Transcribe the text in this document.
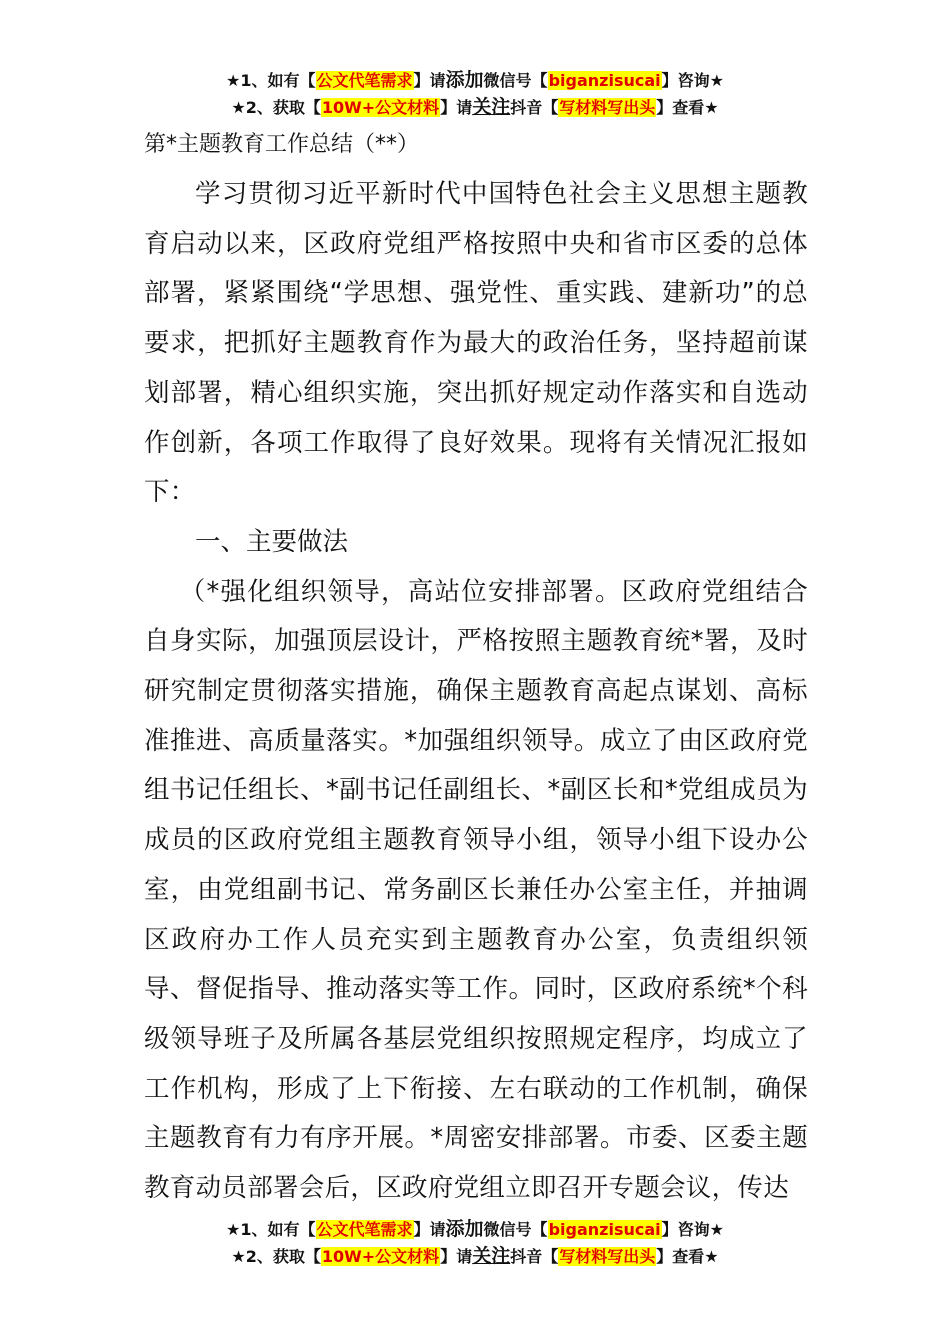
★1、如有【公文代笔需求】请添加微信号【biganzisucai】咨询★
★2、获取【10W+公文材料】请关注抖音【写材料写出头】查看★
第*主题教育工作总结（**）

学习贯彻习近平新时代中国特色社会主义思想主题教育启动以来，区政府党组严格按照中央和省市区委的总体部署，紧紧围绕“学思想、强党性、重实践、建新功”的总要求，把抓好主题教育作为最大的政治任务，坚持超前谋划部署，精心组织实施，突出抓好规定动作落实和自选动作创新，各项工作取得了良好效果。现将有关情况汇报如下：

一、主要做法

（*强化组织领导，高站位安排部署。区政府党组结合自身实际，加强顶层设计，严格按照主题教育统*署，及时研究制定贯彻落实措施，确保主题教育高起点谋划、高标准推进、高质量落实。*加强组织领导。成立了由区政府党组书记任组长、*副书记任副组长、*副区长和*党组成员为成员的区政府党组主题教育领导小组，领导小组下设办公室，由党组副书记、常务副区长兼任办公室主任，并抽调区政府办工作人员充实到主题教育办公室，负责组织领导、督促指导、推动落实等工作。同时，区政府系统*个科级领导班子及所属各基层党组织按照规定程序，均成立了工作机构，形成了上下衔接、左右联动的工作机制，确保主题教育有力有序开展。*周密安排部署。市委、区委主题教育动员部署会后，区政府党组立即召开专题会议，传达

★1、如有【公文代笔需求】请添加微信号【biganzisucai】咨询★
★2、获取【10W+公文材料】请关注抖音【写材料写出头】查看★
